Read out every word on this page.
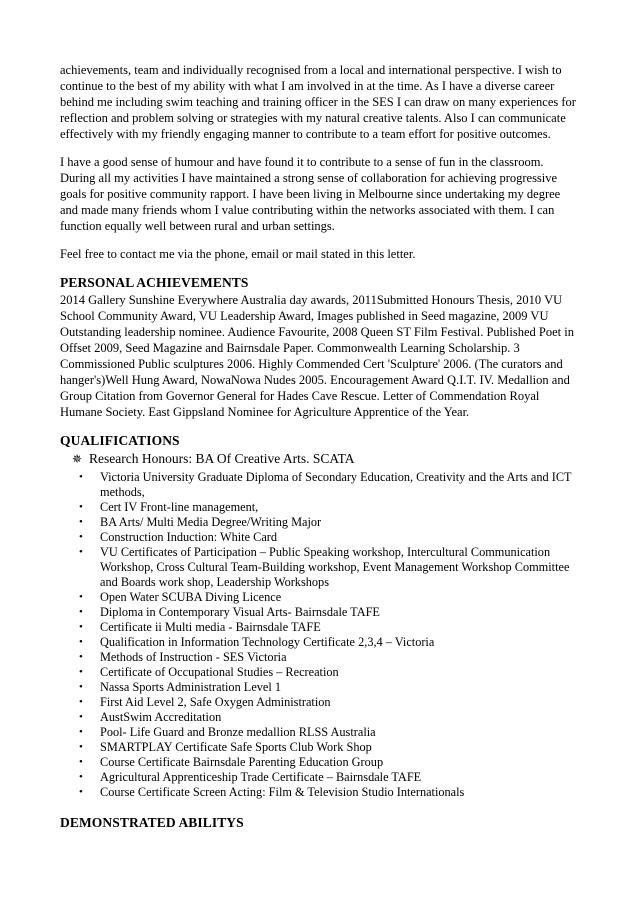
achievements, team and individually recognised from a local and international perspective. I wish to continue to the best of my ability with what I am involved in at the time. As I have a diverse career behind me including swim teaching and training officer in the SES I can draw on many experiences for reflection and problem solving or strategies with my natural creative talents. Also I can communicate effectively with my friendly engaging manner to contribute to a team effort for positive outcomes.

I have a good sense of humour and have found it to contribute to a sense of fun in the classroom. During all my activities I have maintained a strong sense of collaboration for achieving progressive goals for positive community rapport. I have been living in Melbourne since undertaking my degree and made many friends whom I value contributing within the networks associated with them. I can function equally well between rural and urban settings.

Feel free to contact me via the phone, email or mail stated in this letter.

PERSONAL ACHIEVEMENTS
2014 Gallery Sunshine Everywhere Australia day awards, 2011Submitted Honours Thesis, 2010 VU School Community Award, VU Leadership Award, Images published in Seed magazine, 2009 VU Outstanding leadership nominee. Audience Favourite, 2008 Queen ST Film Festival. Published Poet in Offset 2009, Seed Magazine and Bairnsdale Paper. Commonwealth Learning Scholarship. 3 Commissioned Public sculptures 2006. Highly Commended Cert 'Sculpture' 2006. (The curators and hanger's)Well Hung Award, NowaNowa Nudes 2005. Encouragement Award Q.I.T. IV. Medallion and Group Citation from Governor General for Hades Cave Rescue. Letter of Commendation Royal Humane Society. East Gippsland Nominee for Agriculture Apprentice of the Year.
QUALIFICATIONS
✵ Research Honours: BA Of Creative Arts. SCATA
• Victoria University Graduate Diploma of Secondary Education, Creativity and the Arts and ICT methods,
• Cert IV Front-line management,
• BA Arts/ Multi Media Degree/Writing Major
• Construction Induction: White Card
• VU Certificates of Participation – Public Speaking workshop, Intercultural Communication Workshop, Cross Cultural Team-Building workshop, Event Management Workshop Committee and Boards work shop, Leadership Workshops
• Open Water SCUBA Diving Licence
• Diploma in Contemporary Visual Arts- Bairnsdale TAFE
• Certificate ii Multi media - Bairnsdale TAFE
• Qualification in Information Technology Certificate 2,3,4 – Victoria
• Methods of Instruction - SES Victoria
• Certificate of Occupational Studies – Recreation
• Nassa Sports Administration Level 1
• First Aid Level 2, Safe Oxygen Administration
• AustSwim Accreditation
• Pool- Life Guard and Bronze medallion RLSS Australia
• SMARTPLAY Certificate Safe Sports Club Work Shop
• Course Certificate Bairnsdale Parenting Education Group
• Agricultural Apprenticeship Trade Certificate – Bairnsdale TAFE
• Course Certificate Screen Acting: Film & Television Studio Internationals
DEMONSTRATED ABILITYS
